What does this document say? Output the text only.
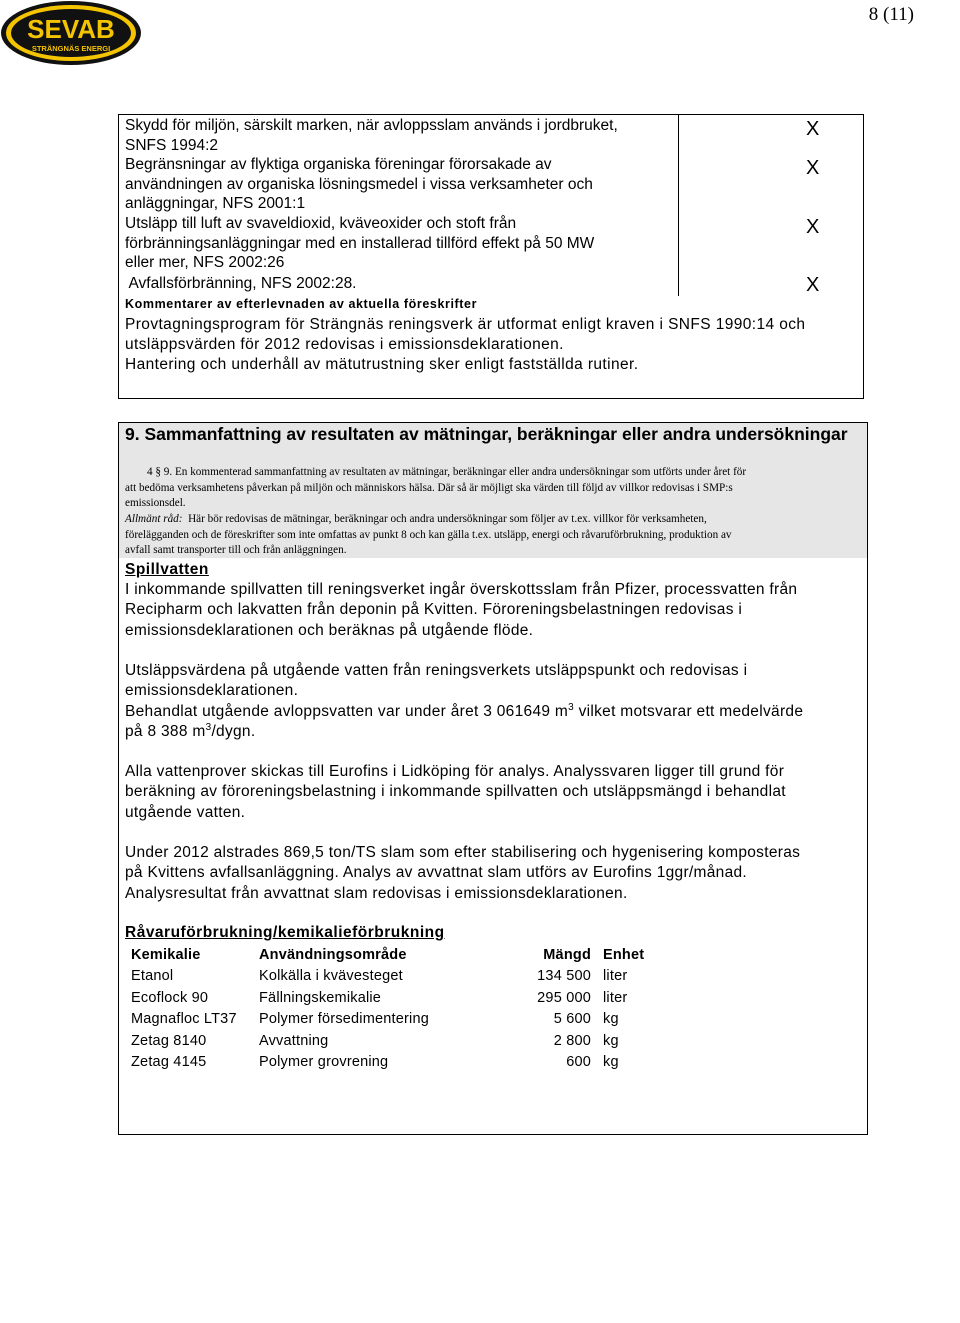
SEVAB
STRÄNGNÄS ENERGI
8 (11)
Skydd för miljön, särskilt marken, när avloppsslam används i jordbruket,
SNFS 1994:2
X
Begränsningar av flyktiga organiska föreningar förorsakade av
användningen av organiska lösningsmedel i vissa verksamheter och
anläggningar, NFS 2001:1
X
Utsläpp till luft av svaveldioxid, kväveoxider och stoft från
förbränningsanläggningar med en installerad tillförd effekt på 50 MW
eller mer, NFS 2002:26
X
Avfallsförbränning, NFS 2002:28.	X
Kommentarer av efterlevnaden av aktuella föreskrifter
Provtagningsprogram för Strängnäs reningsverk är utformat enligt kraven i SNFS 1990:14 och
utsläppsvärden för 2012 redovisas i emissionsdeklarationen.
Hantering och underhåll av mätutrustning sker enligt fastställda rutiner.
9. Sammanfattning av resultaten av mätningar, beräkningar eller andra undersökningar
4 § 9. En kommenterad sammanfattning av resultaten av mätningar, beräkningar eller andra undersökningar som utförts under året för
att bedöma verksamhetens påverkan på miljön och människors hälsa. Där så är möjligt ska värden till följd av villkor redovisas i SMP:s
emissionsdel.
Allmänt råd:  Här bör redovisas de mätningar, beräkningar och andra undersökningar som följer av t.ex. villkor för verksamheten,
förelägganden och de föreskrifter som inte omfattas av punkt 8 och kan gälla t.ex. utsläpp, energi och råvaruförbrukning, produktion av
avfall samt transporter till och från anläggningen.
Spillvatten
I inkommande spillvatten till reningsverket ingår överskottsslam från Pfizer, processvatten från
Recipharm och lakvatten från deponin på Kvitten. Föroreningsbelastningen redovisas i
emissionsdeklarationen och beräknas på utgående flöde.
Utsläppsvärdena på utgående vatten från reningsverkets utsläppspunkt och redovisas i
emissionsdeklarationen.
Behandlat utgående avloppsvatten var under året 3 061649 $m^3$ vilket motsvarar ett medelvärde
på 8 388 $m^3$/dygn.
Alla vattenprover skickas till Eurofins i Lidköping för analys. Analyssvaren ligger till grund för
beräkning av föroreningsbelastning i inkommande spillvatten och utsläppsmängd i behandlat
utgående vatten.
Under 2012 alstrades 869,5 ton/TS slam som efter stabilisering och hygenisering komposteras
på Kvittens avfallsanläggning. Analys av avvattnat slam utförs av Eurofins 1ggr/månad.
Analysresultat från avvattnat slam redovisas i emissionsdeklarationen.
Råvaruförbrukning/kemikalieförbrukning
Kemikalie	Användningsområde	Mängd	Enhet
Etanol	Kolkälla i kvävesteget	134 500	liter
Ecoflock 90	Fällningskemikalie	295 000	liter
Magnafloc LT37	Polymer försedimentering	5 600	kg
Zetag 8140	Avvattning	2 800	kg
Zetag 4145	Polymer grovrening	600	kg
